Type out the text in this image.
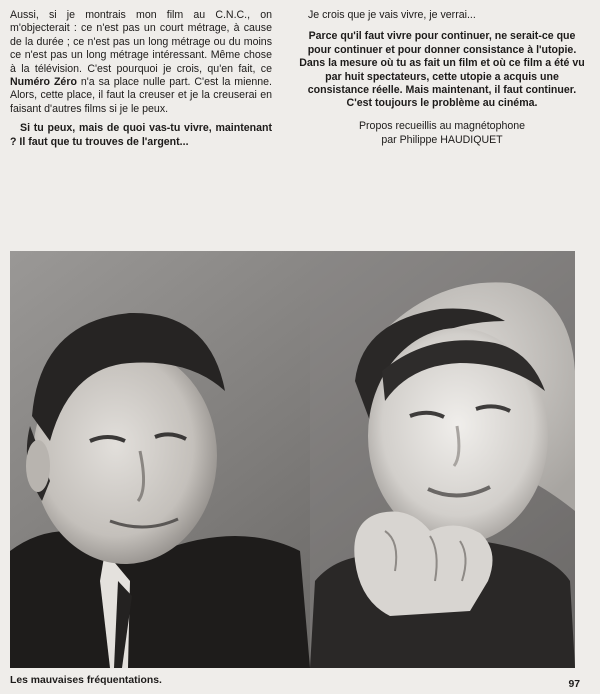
Aussi, si je montrais mon film au C.N.C., on m'objecterait : ce n'est pas un court métrage, à cause de la durée ; ce n'est pas un long métrage ou du moins ce n'est pas un long métrage intéressant. Même chose à la télévision. C'est pourquoi je crois, qu'en fait, ce Numéro Zéro n'a sa place nulle part. C'est la mienne. Alors, cette place, il faut la creuser et je la creuserai en faisant d'autres films si je le peux.

Si tu peux, mais de quoi vas-tu vivre, maintenant ? Il faut que tu trouves de l'argent...

Je crois que je vais vivre, je verrai...

Parce qu'il faut vivre pour continuer, ne serait-ce que pour continuer et pour donner consistance à l'utopie. Dans la mesure où tu as fait un film et où ce film a été vu par huit spectateurs, cette utopie a acquis une consistance réelle. Mais maintenant, il faut continuer. C'est toujours le problème au cinéma.

Propos recueillis au magnétophone
par Philippe HAUDIQUET

Les mauvaises fréquentations.	97
